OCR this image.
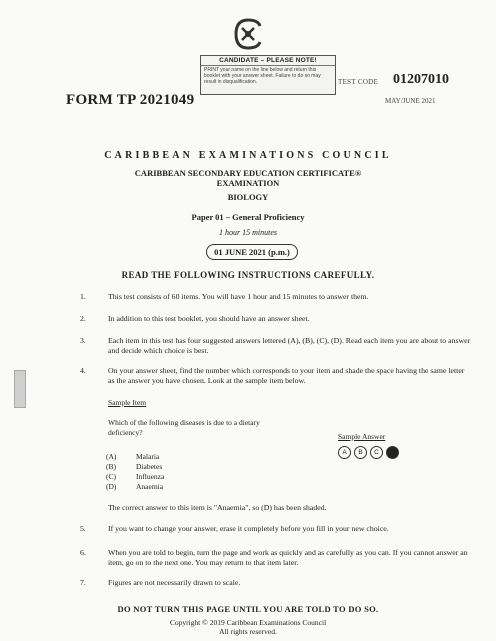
CANDIDATE – PLEASE NOTE!
PRINT your name on the line below and return this booklet with your answer sheet. Failure to do so may result in disqualification.
FORM TP 2021049
TEST CODE 01207010
MAY/JUNE 2021
CARIBBEAN EXAMINATIONS COUNCIL
CARIBBEAN SECONDARY EDUCATION CERTIFICATE®
EXAMINATION
BIOLOGY
Paper 01 – General Proficiency
1 hour 15 minutes
01 JUNE 2021 (p.m.)
READ THE FOLLOWING INSTRUCTIONS CAREFULLY.
1.	This test consists of 60 items. You will have 1 hour and 15 minutes to answer them.
2.	In addition to this test booklet, you should have an answer sheet.
3.	Each item in this test has four suggested answers lettered (A), (B), (C), (D). Read each item you are about to answer and decide which choice is best.
4.	On your answer sheet, find the number which corresponds to your item and shade the space having the same letter as the answer you have chosen. Look at the sample item below.
Sample Item
Which of the following diseases is due to a dietary deficiency?	Sample Answer
A	B	C	D
(A)	Malaria
(B)	Diabetes
(C)	Influenza
(D)	Anaemia
The correct answer to this item is "Anaemia", so (D) has been shaded.
5.	If you want to change your answer, erase it completely before you fill in your new choice.
6.	When you are told to begin, turn the page and work as quickly and as carefully as you can. If you cannot answer an item, go on to the next one. You may return to that item later.
7.	Figures are not necessarily drawn to scale.
DO NOT TURN THIS PAGE UNTIL YOU ARE TOLD TO DO SO.
Copyright © 2019 Caribbean Examinations Council
All rights reserved.
